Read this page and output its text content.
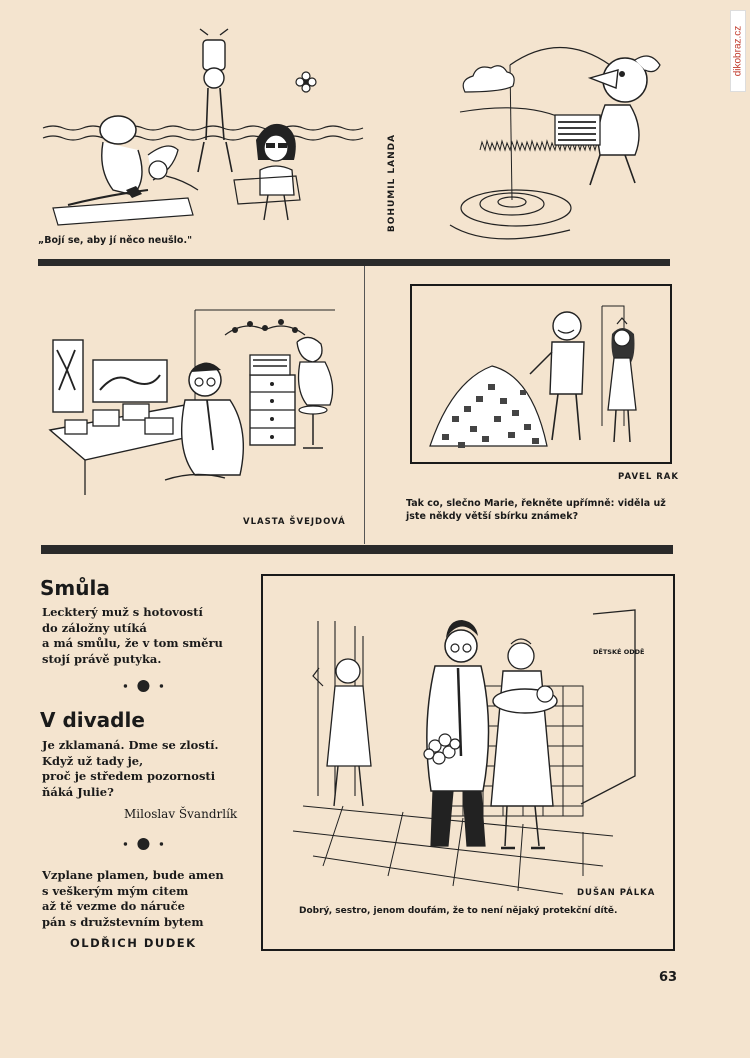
dikobraz.cz
„Bojí se, aby jí něco neušlo."
BOHUMIL LANDA
VLASTA ŠVEJDOVÁ
PAVEL RAK
Tak co, slečno Marie, řekněte upřímně: viděla už
jste někdy větší sbírku známek?
Smůla
Leckterý muž s hotovostí
do záložny utíká
a má smůlu, že v tom směru
stojí právě putyka.
V divadle
Je zklamaná. Dme se zlostí.
Když už tady je,
proč je středem pozornosti
ňáká Julie?
Miloslav Švandrlík
Vzplane plamen, bude amen
s veškerým mým citem
až tě vezme do náruče
pán s družstevním bytem
OLDŘICH DUDEK
DĚTSKÉ ODDĚ
DUŠAN PÁLKA
Dobrý, sestro, jenom doufám, že to není nějaký protekční dítě.
63
